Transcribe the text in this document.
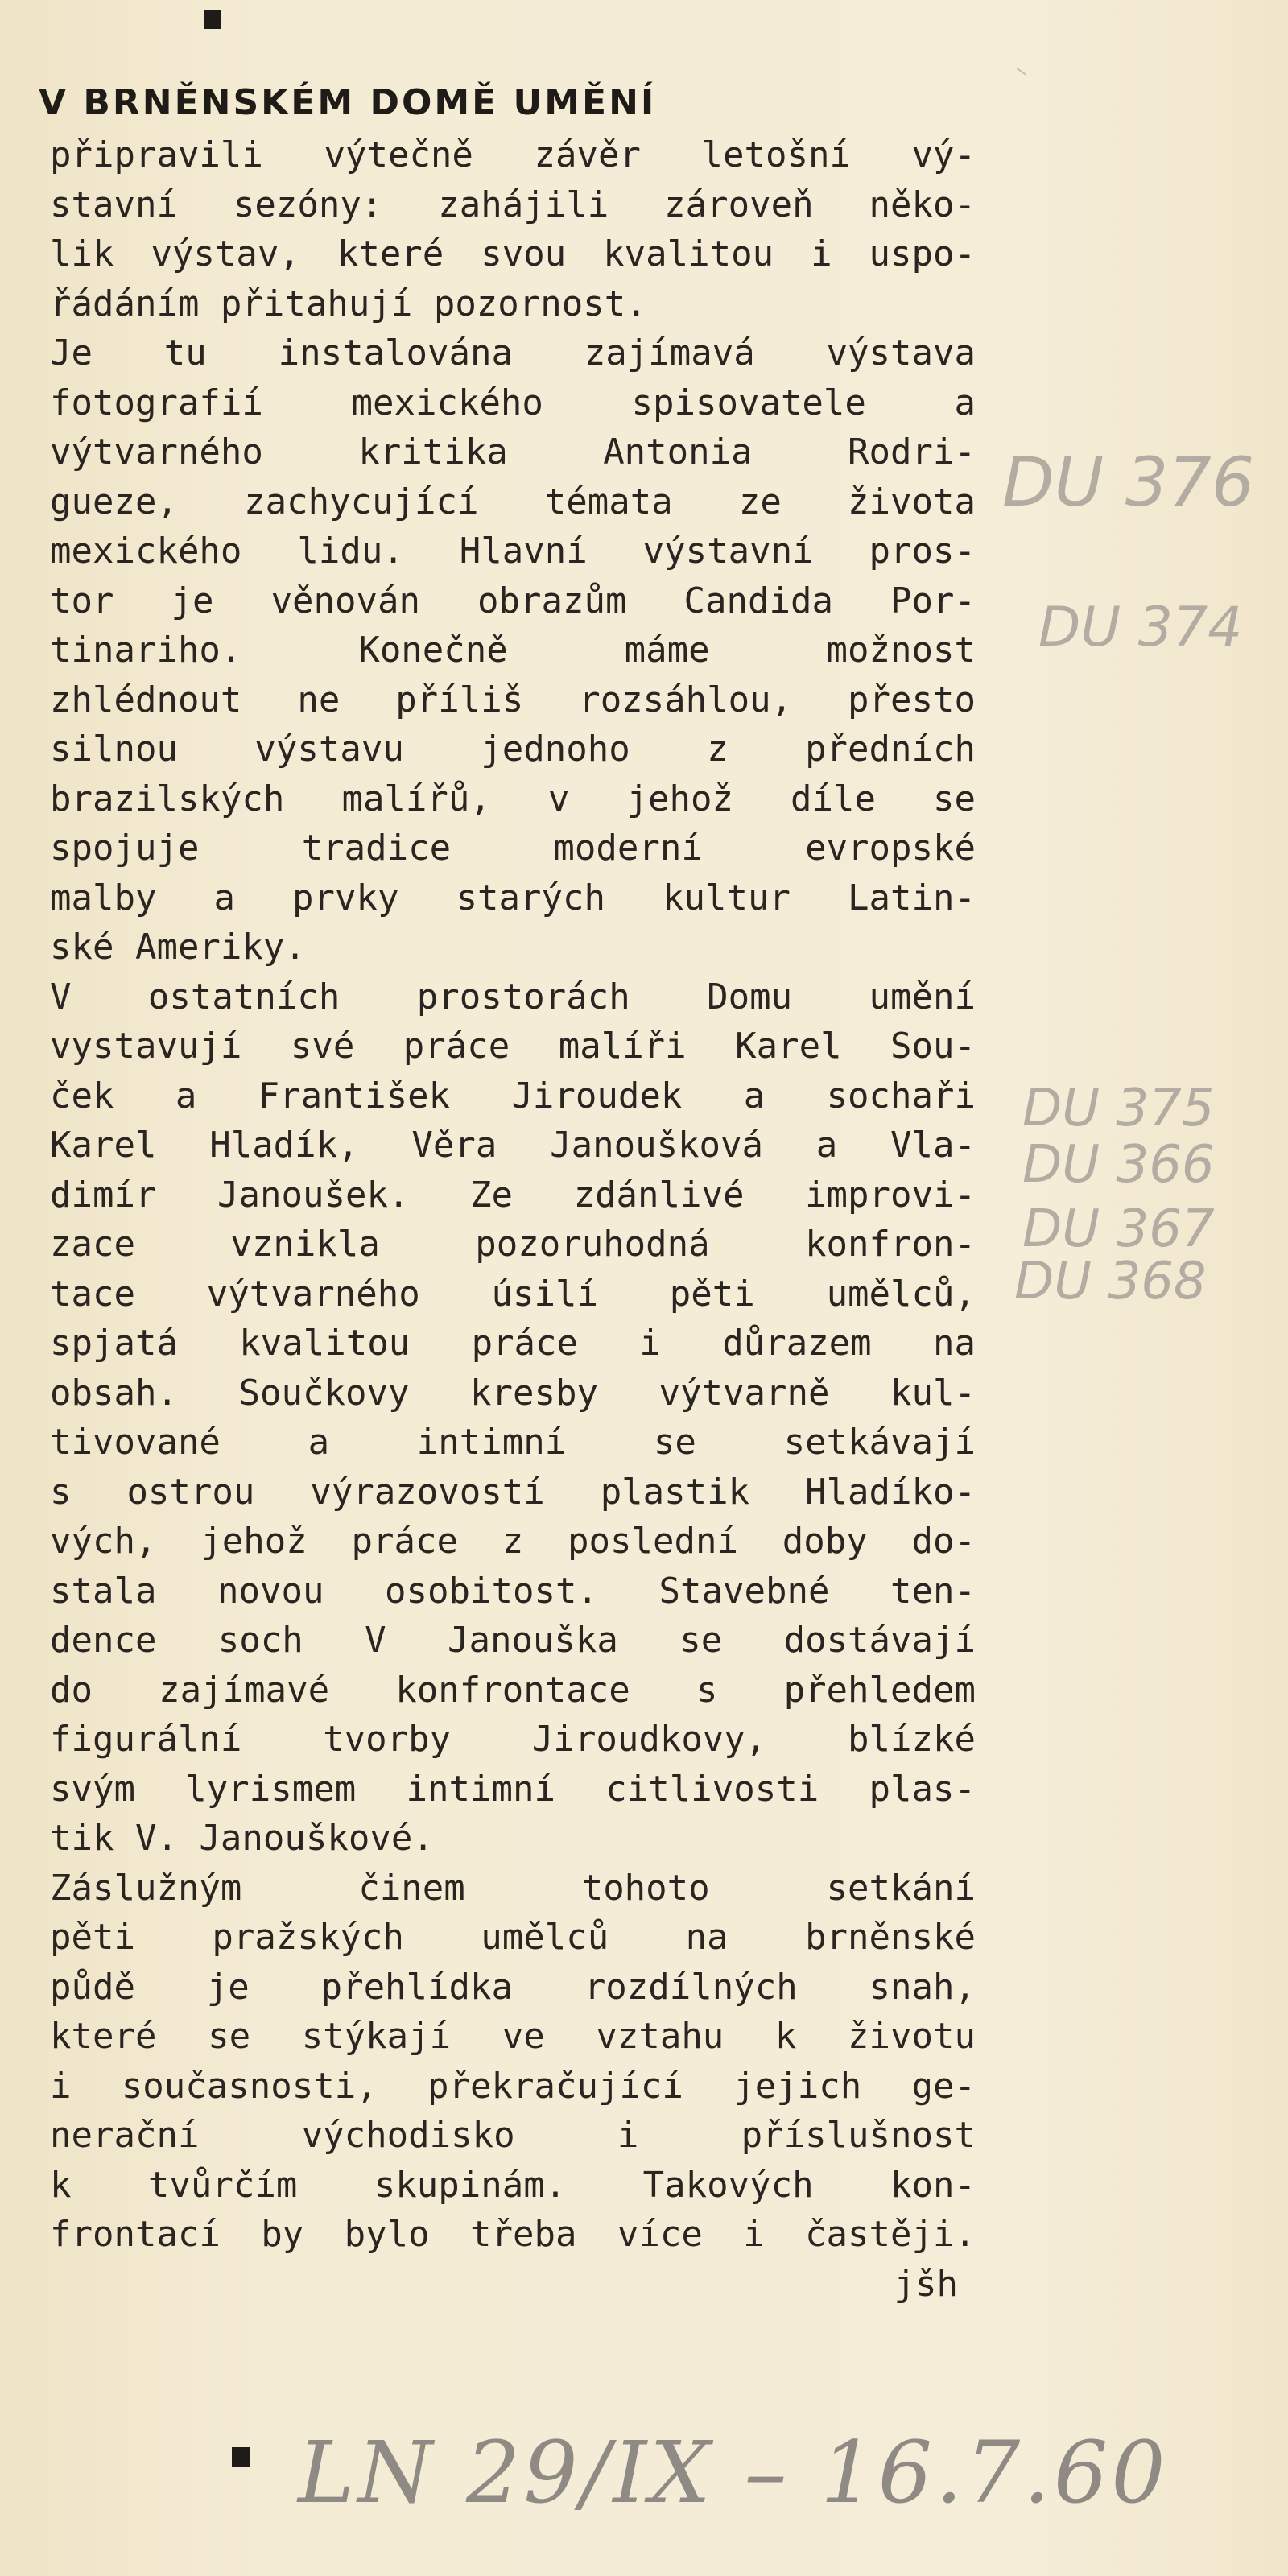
V BRNĚNSKÉM DOMĚ UMĚNÍ
připravili výtečně závěr letošní vý-
stavní sezóny: zahájili zároveň něko-
lik výstav, které svou kvalitou i uspo-
řádáním přitahují pozornost.
Je tu instalována zajímavá výstava
fotografií mexického spisovatele a
výtvarného kritika Antonia Rodri-
gueze, zachycující témata ze života
mexického lidu. Hlavní výstavní pros-
tor je věnován obrazům Candida Por-
tinariho. Konečně máme možnost
zhlédnout ne příliš rozsáhlou, přesto
silnou výstavu jednoho z předních
brazilských malířů, v jehož díle se
spojuje tradice moderní evropské
malby a prvky starých kultur Latin-
ské Ameriky.
V ostatních prostorách Domu umění
vystavují své práce malíři Karel Sou-
ček a František Jiroudek a sochaři
Karel Hladík, Věra Janoušková a Vla-
dimír Janoušek. Ze zdánlivé improvi-
zace vznikla pozoruhodná konfron-
tace výtvarného úsilí pěti umělců,
spjatá kvalitou práce i důrazem na
obsah. Součkovy kresby výtvarně kul-
tivované a intimní se setkávají
s ostrou výrazovostí plastik Hladíko-
vých, jehož práce z poslední doby do-
stala novou osobitost. Stavebné ten-
dence soch V Janouška se dostávají
do zajímavé konfrontace s přehledem
figurální tvorby Jiroudkovy, blízké
svým lyrismem intimní citlivosti plas-
tik V. Janouškové.
Záslužným činem tohoto setkání
pěti pražských umělců na brněnské
půdě je přehlídka rozdílných snah,
které se stýkají ve vztahu k životu
i současnosti, překračující jejich ge-
nerační východisko i příslušnost
k tvůrčím skupinám. Takových kon-
frontací by bylo třeba více i častěji.
jšh
DU 376
DU 374
DU 375
DU 366
DU 367
DU 368
LN 29/IX – 16.7.60
